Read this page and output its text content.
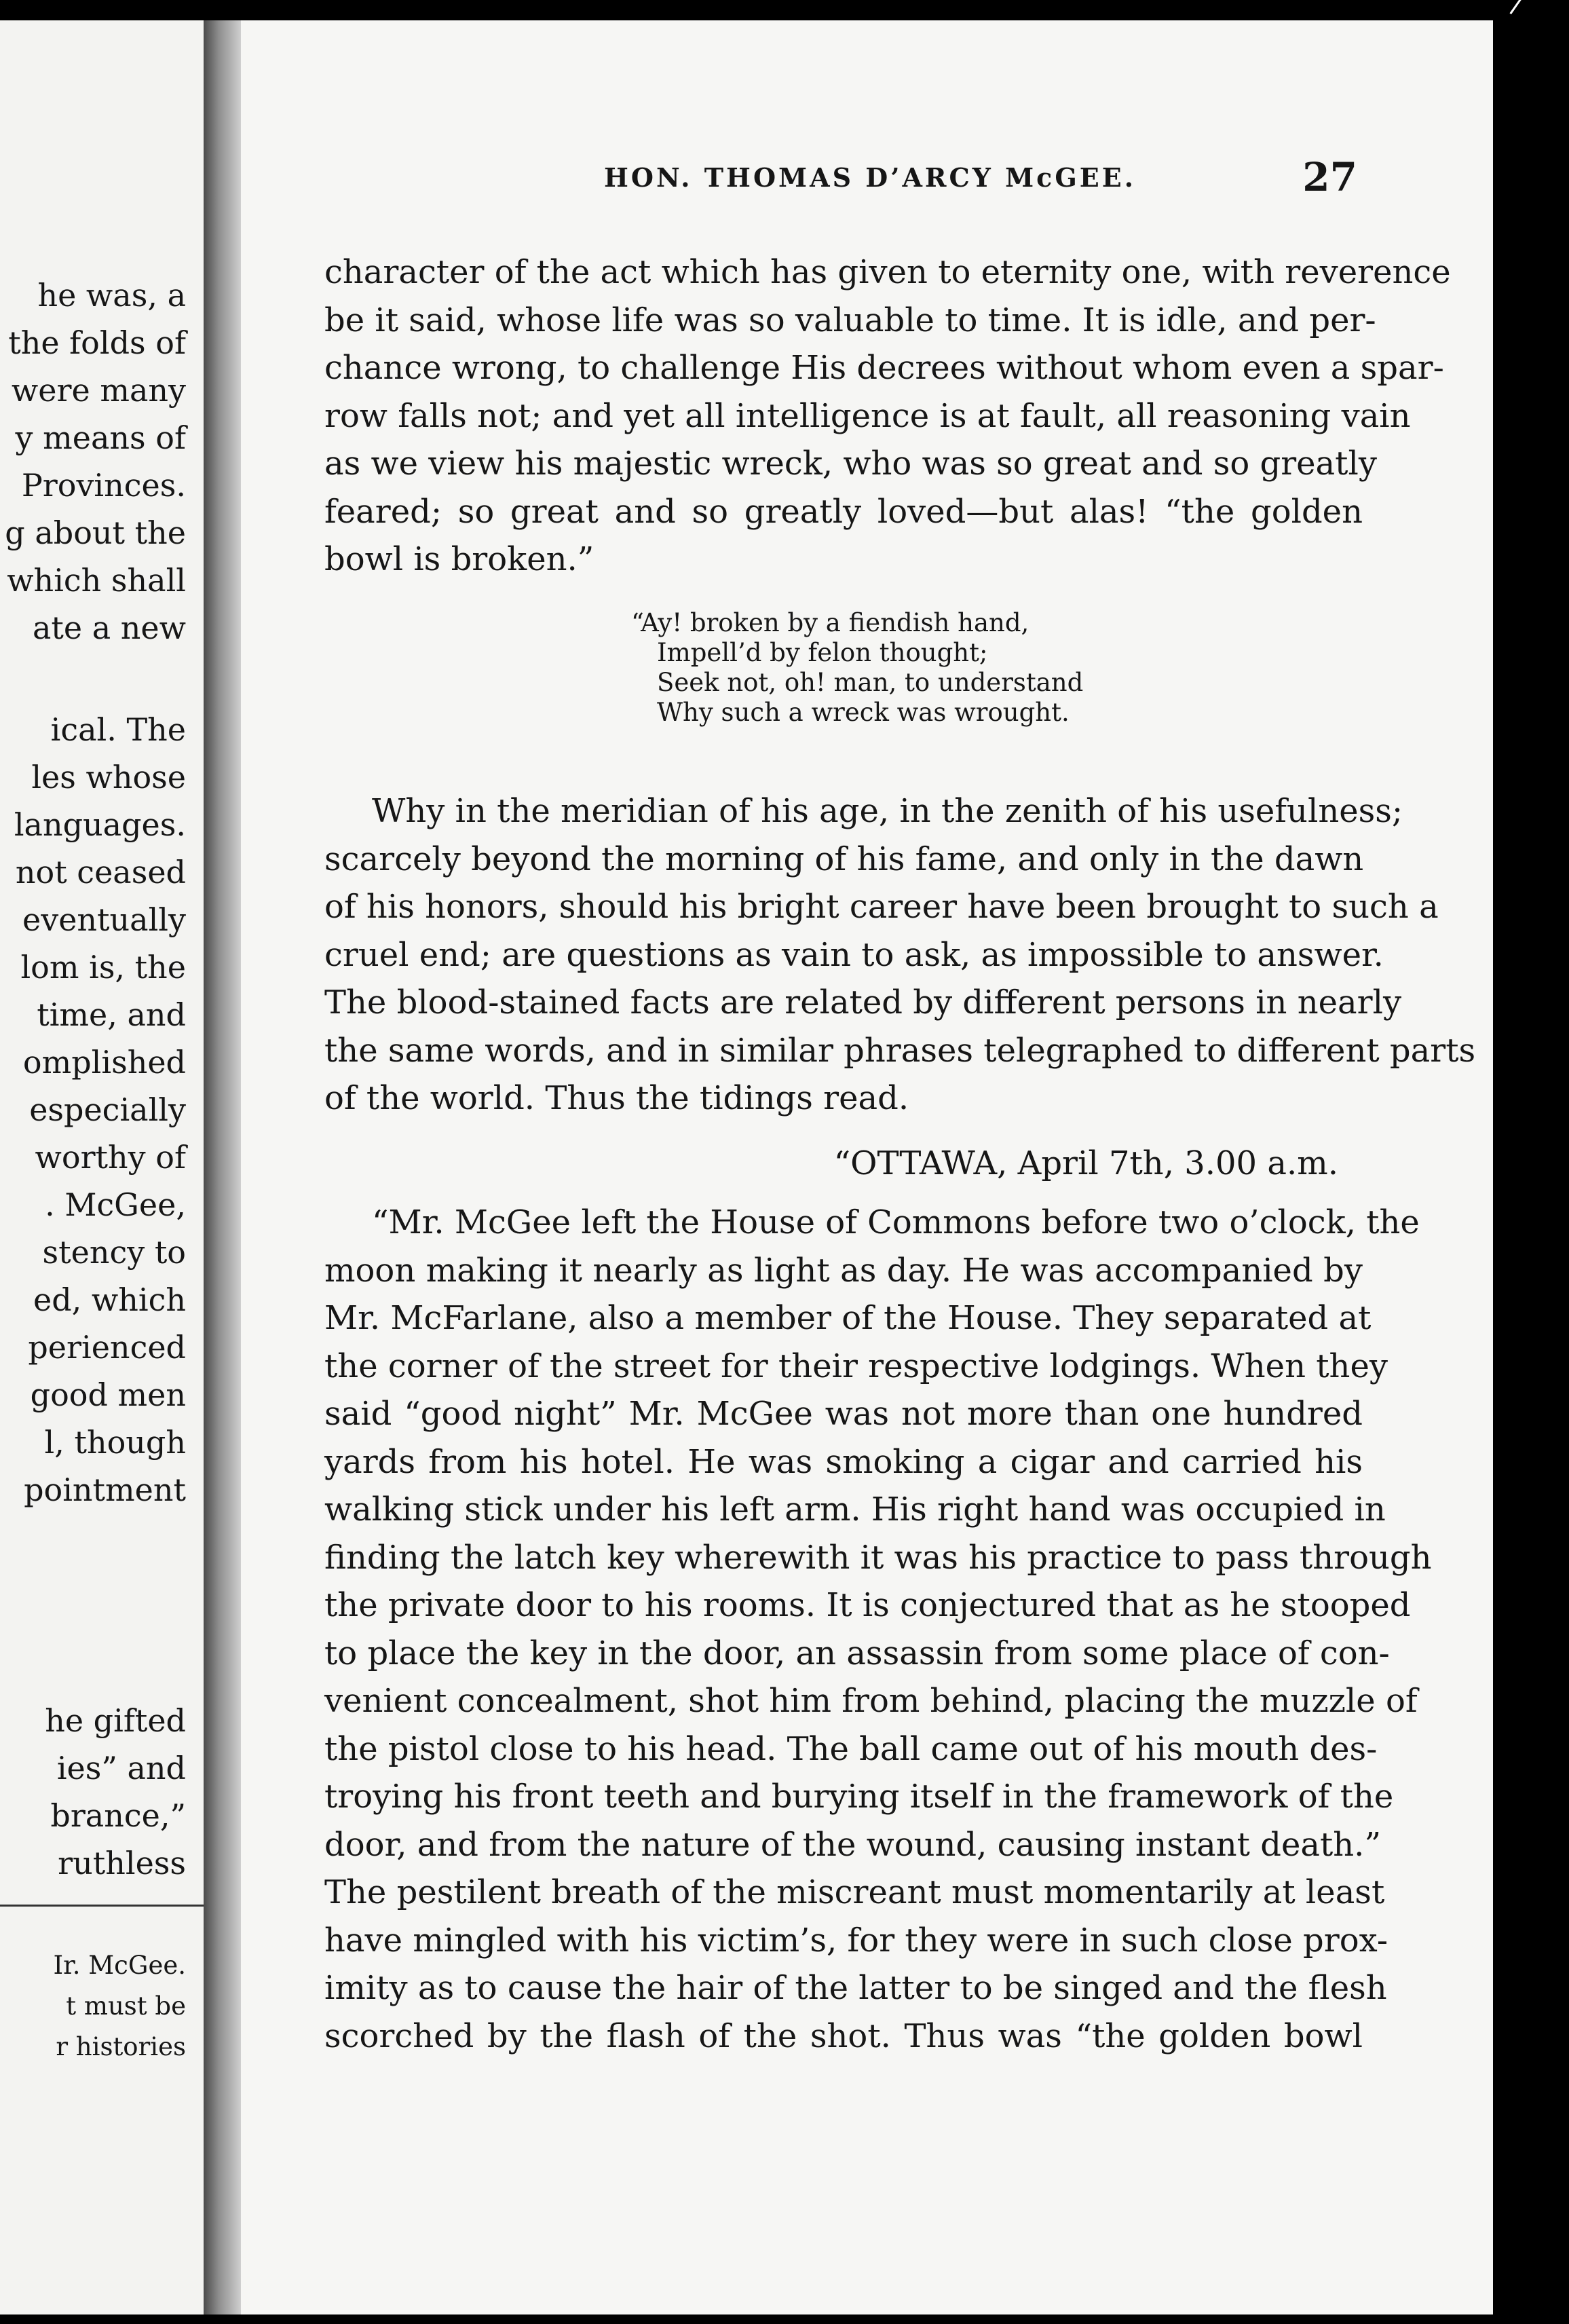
he was, a
the folds of
were many
y means of
Provinces.
g about the
which shall
ate a new
ical. The
les whose
languages.
not ceased
eventually
lom is, the
time, and
omplished
especially
worthy of
. McGee,
stency to
ed, which
perienced
good men
l, though
pointment
he gifted
ies” and
brance,”
ruthless
Ir. McGee.
t must be
r histories
HON. THOMAS D’ARCY McGEE.	27
character of the act which has given to eternity one, with reverence
be it said, whose life was so valuable to time. It is idle, and per-
chance wrong, to challenge His decrees without whom even a spar-
row falls not; and yet all intelligence is at fault, all reasoning vain
as we view his majestic wreck, who was so great and so greatly
feared; so great and so greatly loved—but alas! “the golden
bowl is broken.”
“Ay! broken by a fiendish hand,
Impell’d by felon thought;
Seek not, oh! man, to understand
Why such a wreck was wrought.
Why in the meridian of his age, in the zenith of his usefulness;
scarcely beyond the morning of his fame, and only in the dawn
of his honors, should his bright career have been brought to such a
cruel end; are questions as vain to ask, as impossible to answer.
The blood-stained facts are related by different persons in nearly
the same words, and in similar phrases telegraphed to different parts
of the world. Thus the tidings read.
“OTTAWA, April 7th, 3.00 a.m.
“Mr. McGee left the House of Commons before two o’clock, the
moon making it nearly as light as day. He was accompanied by
Mr. McFarlane, also a member of the House. They separated at
the corner of the street for their respective lodgings. When they
said “good night” Mr. McGee was not more than one hundred
yards from his hotel. He was smoking a cigar and carried his
walking stick under his left arm. His right hand was occupied in
finding the latch key wherewith it was his practice to pass through
the private door to his rooms. It is conjectured that as he stooped
to place the key in the door, an assassin from some place of con-
venient concealment, shot him from behind, placing the muzzle of
the pistol close to his head. The ball came out of his mouth des-
troying his front teeth and burying itself in the framework of the
door, and from the nature of the wound, causing instant death.”
The pestilent breath of the miscreant must momentarily at least
have mingled with his victim’s, for they were in such close prox-
imity as to cause the hair of the latter to be singed and the flesh
scorched by the flash of the shot. Thus was “the golden bowl
